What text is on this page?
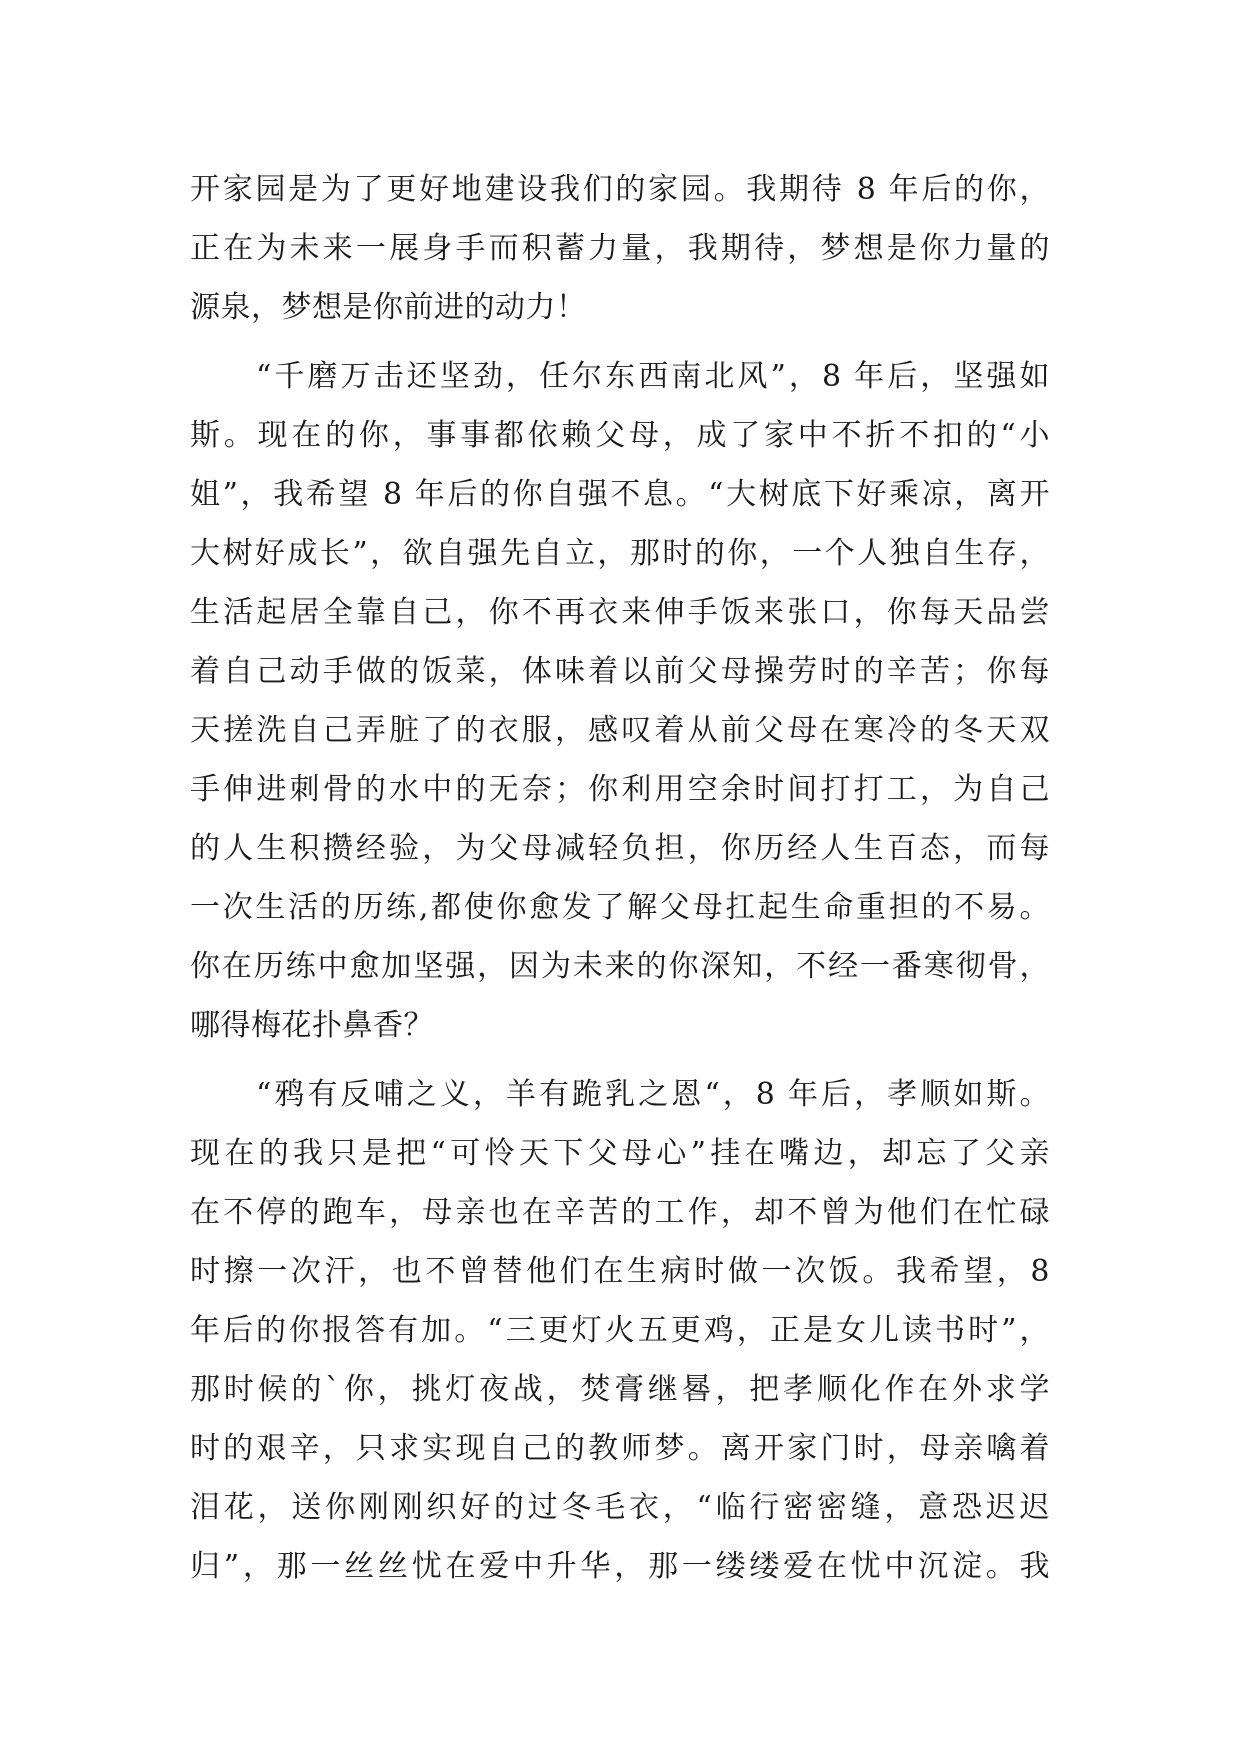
开家园是为了更好地建设我们的家园。我期待 8 年后的你，
正在为未来一展身手而积蓄力量，我期待，梦想是你力量的
源泉，梦想是你前进的动力！
“千磨万击还坚劲，任尔东西南北风”，8 年后，坚强如
斯。现在的你，事事都依赖父母，成了家中不折不扣的“小
姐”，我希望 8 年后的你自强不息。“大树底下好乘凉，离开
大树好成长”，欲自强先自立，那时的你，一个人独自生存，
生活起居全靠自己，你不再衣来伸手饭来张口，你每天品尝
着自己动手做的饭菜，体味着以前父母操劳时的辛苦；你每
天搓洗自己弄脏了的衣服，感叹着从前父母在寒冷的冬天双
手伸进刺骨的水中的无奈；你利用空余时间打打工，为自己
的人生积攒经验，为父母减轻负担，你历经人生百态，而每
一次生活的历练,都使你愈发了解父母扛起生命重担的不易。
你在历练中愈加坚强，因为未来的你深知，不经一番寒彻骨，
哪得梅花扑鼻香？
“鸦有反哺之义，羊有跪乳之恩“，8 年后，孝顺如斯。
现在的我只是把“可怜天下父母心”挂在嘴边，却忘了父亲
在不停的跑车，母亲也在辛苦的工作，却不曾为他们在忙碌
时擦一次汗，也不曾替他们在生病时做一次饭。我希望，8
年后的你报答有加。“三更灯火五更鸡，正是女儿读书时”，
那时候的`你，挑灯夜战，焚膏继晷，把孝顺化作在外求学
时的艰辛，只求实现自己的教师梦。离开家门时，母亲噙着
泪花，送你刚刚织好的过冬毛衣，“临行密密缝，意恐迟迟
归”，那一丝丝忧在爱中升华，那一缕缕爱在忧中沉淀。我
